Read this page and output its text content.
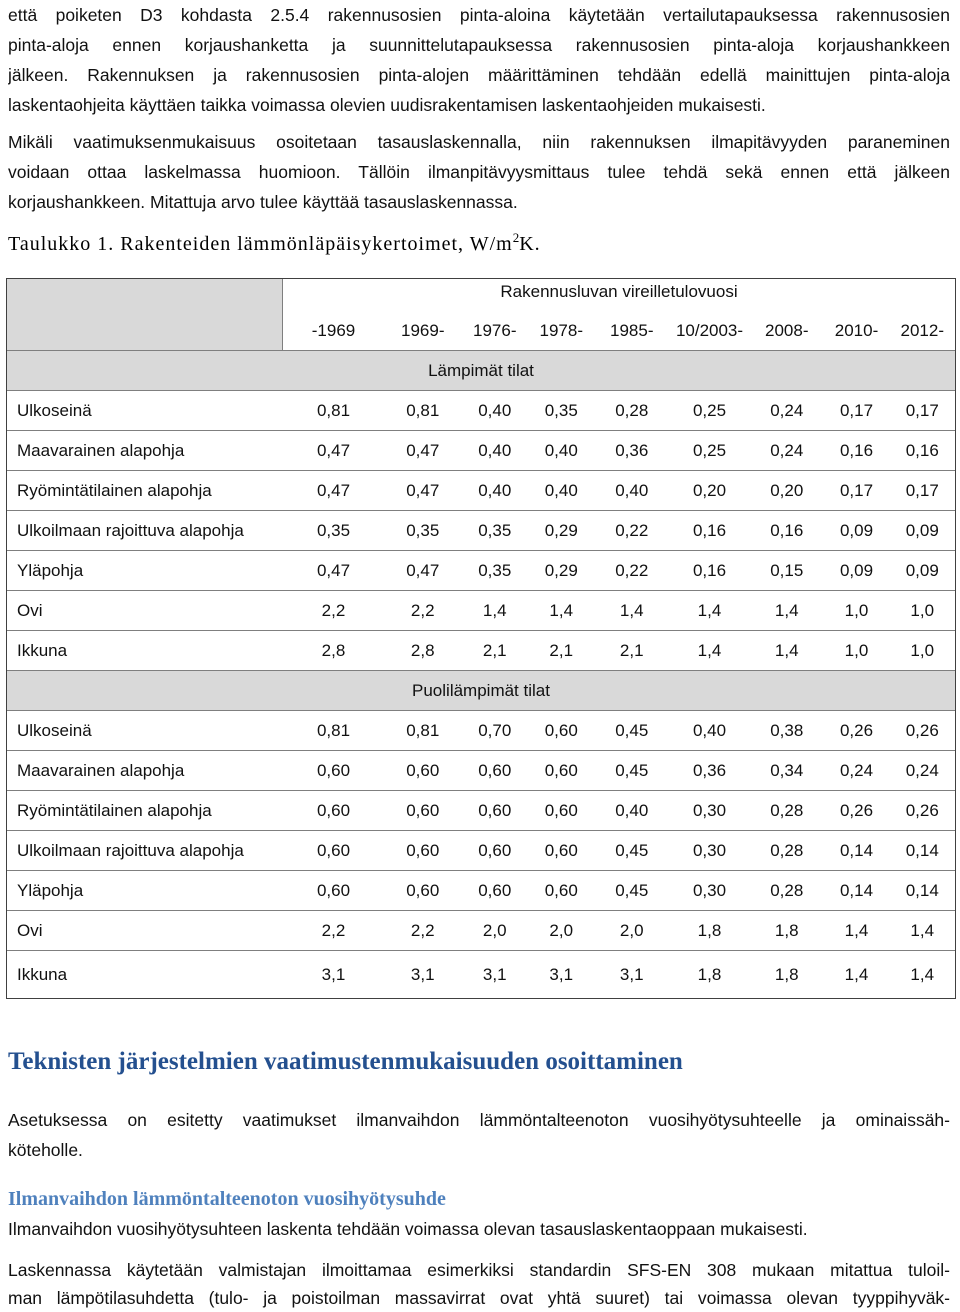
että poiketen D3 kohdasta 2.5.4 rakennusosien pinta-aloina käytetään vertailutapauksessa rakennusosien
pinta-aloja ennen korjaushanketta ja suunnittelutapauksessa rakennusosien pinta-aloja korjaushankkeen
jälkeen. Rakennuksen ja rakennusosien pinta-alojen määrittäminen tehdään edellä mainittujen pinta-aloja
laskentaohjeita käyttäen taikka voimassa olevien uudisrakentamisen laskentaohjeiden mukaisesti.
Mikäli vaatimuksenmukaisuus osoitetaan tasauslaskennalla, niin rakennuksen ilmapitävyyden paraneminen
voidaan ottaa laskelmassa huomioon. Tällöin ilmanpitävyysmittaus tulee tehdä sekä ennen että jälkeen
korjaushankkeen. Mitattuja arvo tulee käyttää tasauslaskennassa.
Taulukko 1. Rakenteiden lämmönläpäisykertoimet, $W/m^2K$.
Rakennusluvan vireilletulovuosi
-1969	1969-	1976-	1978-	1985-	10/2003-	2008-	2010-	2012-
Lämpimät tilat
Ulkoseinä	0,81	0,81	0,40	0,35	0,28	0,25	0,24	0,17	0,17
Maavarainen alapohja	0,47	0,47	0,40	0,40	0,36	0,25	0,24	0,16	0,16
Ryömintätilainen alapohja	0,47	0,47	0,40	0,40	0,40	0,20	0,20	0,17	0,17
Ulkoilmaan rajoittuva alapohja	0,35	0,35	0,35	0,29	0,22	0,16	0,16	0,09	0,09
Yläpohja	0,47	0,47	0,35	0,29	0,22	0,16	0,15	0,09	0,09
Ovi	2,2	2,2	1,4	1,4	1,4	1,4	1,4	1,0	1,0
Ikkuna	2,8	2,8	2,1	2,1	2,1	1,4	1,4	1,0	1,0
Puolilämpimät tilat
Ulkoseinä	0,81	0,81	0,70	0,60	0,45	0,40	0,38	0,26	0,26
Maavarainen alapohja	0,60	0,60	0,60	0,60	0,45	0,36	0,34	0,24	0,24
Ryömintätilainen alapohja	0,60	0,60	0,60	0,60	0,40	0,30	0,28	0,26	0,26
Ulkoilmaan rajoittuva alapohja	0,60	0,60	0,60	0,60	0,45	0,30	0,28	0,14	0,14
Yläpohja	0,60	0,60	0,60	0,60	0,45	0,30	0,28	0,14	0,14
Ovi	2,2	2,2	2,0	2,0	2,0	1,8	1,8	1,4	1,4
Ikkuna	3,1	3,1	3,1	3,1	3,1	1,8	1,8	1,4	1,4
Teknisten järjestelmien vaatimustenmukaisuuden osoittaminen
Asetuksessa on esitetty vaatimukset ilmanvaihdon lämmöntalteenoton vuosihyötysuhteelle ja ominaissäh-
köteholle.
Ilmanvaihdon lämmöntalteenoton vuosihyötysuhde
Ilmanvaihdon vuosihyötysuhteen laskenta tehdään voimassa olevan tasauslaskentaoppaan mukaisesti.
Laskennassa käytetään valmistajan ilmoittamaa esimerkiksi standardin SFS-EN 308 mukaan mitattua tuloil-
man lämpötilasuhdetta (tulo- ja poistoilman massavirrat ovat yhtä suuret) tai voimassa olevan tyyppihyväk-
